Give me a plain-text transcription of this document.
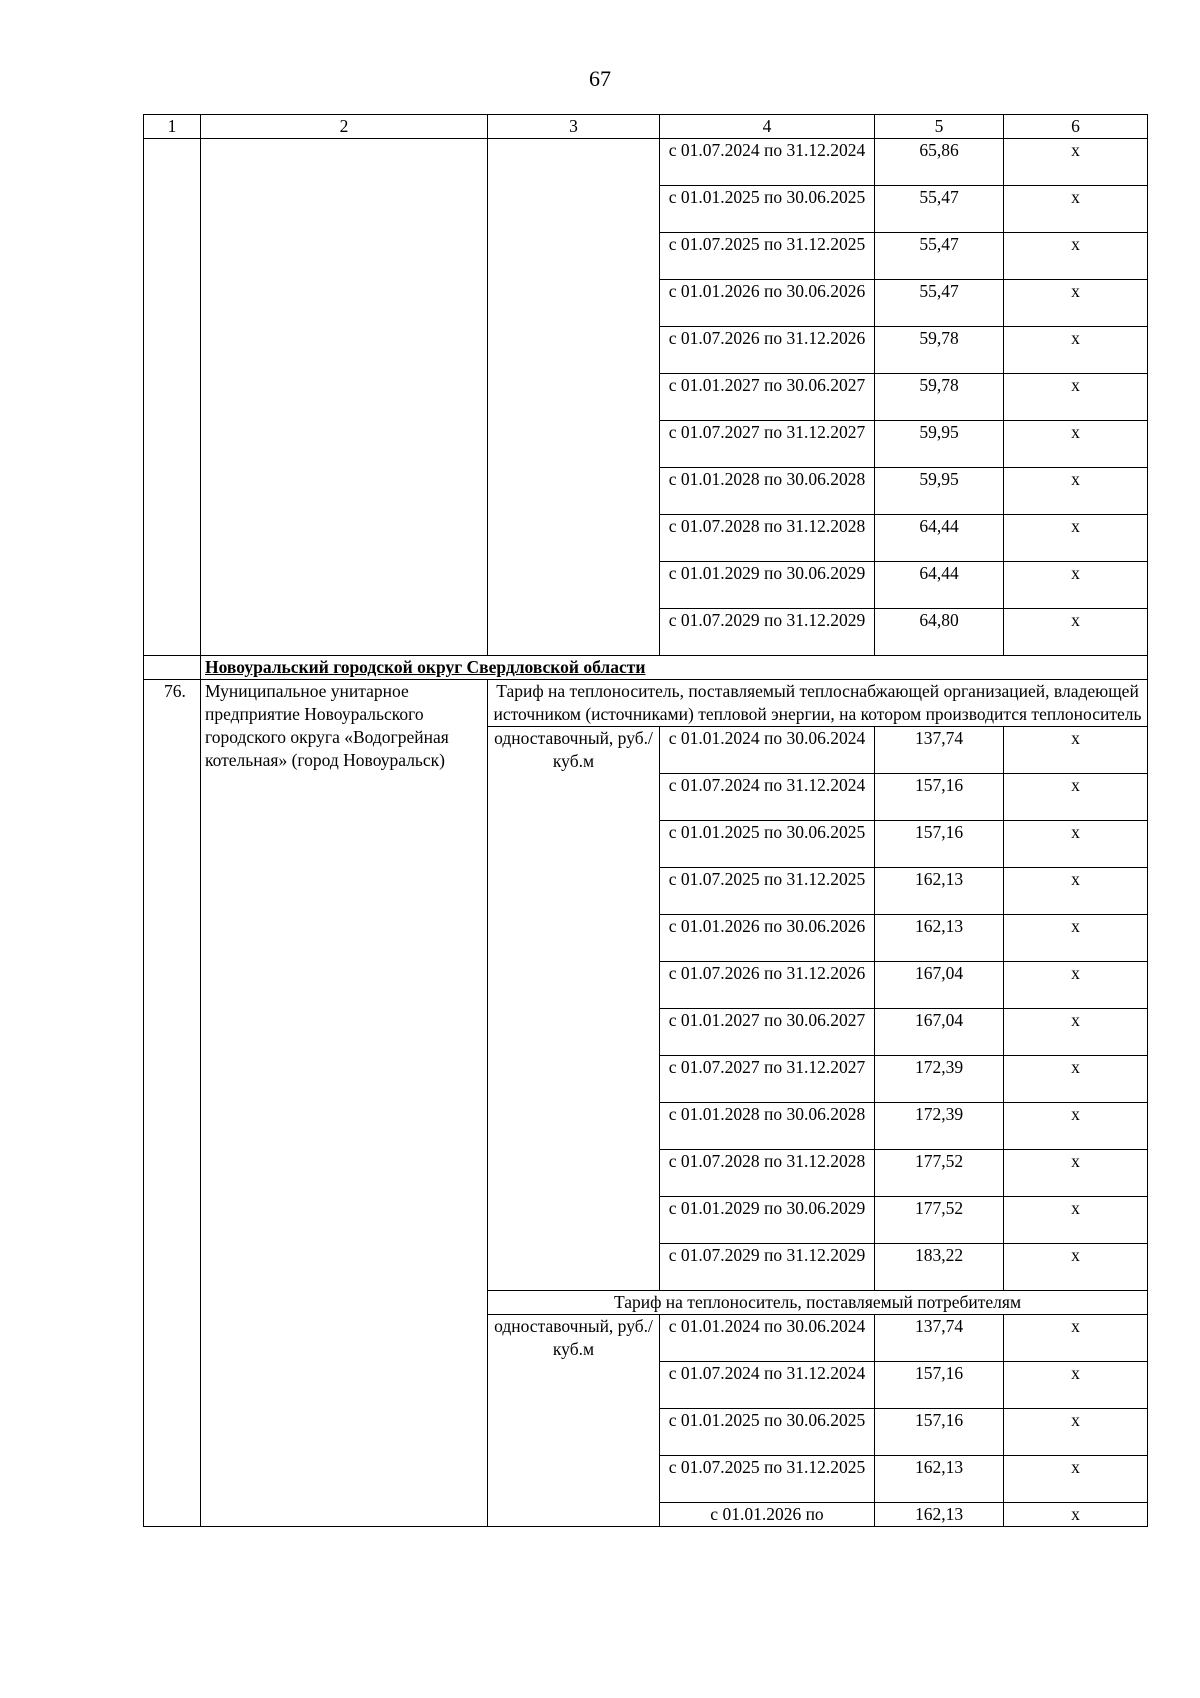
67
1	2	3	4	5	6
			с 01.07.2024 по 31.12.2024	65,86	х
			с 01.01.2025 по 30.06.2025	55,47	х
			с 01.07.2025 по 31.12.2025	55,47	х
			с 01.01.2026 по 30.06.2026	55,47	х
			с 01.07.2026 по 31.12.2026	59,78	х
			с 01.01.2027 по 30.06.2027	59,78	х
			с 01.07.2027 по 31.12.2027	59,95	х
			с 01.01.2028 по 30.06.2028	59,95	х
			с 01.07.2028 по 31.12.2028	64,44	х
			с 01.01.2029 по 30.06.2029	64,44	х
			с 01.07.2029 по 31.12.2029	64,80	х
	Новоуральский городской округ Свердловской области				
76.	Муниципальное унитарное предприятие Новоуральского городского округа «Водогрейная котельная» (город Новоуральск)	Тариф на теплоноситель, поставляемый теплоснабжающей организацией, владеющей источником (источниками) тепловой энергии, на котором производится теплоноситель			
		одноставочный, руб./куб.м	с 01.01.2024 по 30.06.2024	137,74	х
			с 01.07.2024 по 31.12.2024	157,16	х
			с 01.01.2025 по 30.06.2025	157,16	х
			с 01.07.2025 по 31.12.2025	162,13	х
			с 01.01.2026 по 30.06.2026	162,13	х
			с 01.07.2026 по 31.12.2026	167,04	х
			с 01.01.2027 по 30.06.2027	167,04	х
			с 01.07.2027 по 31.12.2027	172,39	х
			с 01.01.2028 по 30.06.2028	172,39	х
			с 01.07.2028 по 31.12.2028	177,52	х
			с 01.01.2029 по 30.06.2029	177,52	х
			с 01.07.2029 по 31.12.2029	183,22	х
		Тариф на теплоноситель, поставляемый потребителям			
		одноставочный, руб./куб.м	с 01.01.2024 по 30.06.2024	137,74	х
			с 01.07.2024 по 31.12.2024	157,16	х
			с 01.01.2025 по 30.06.2025	157,16	х
			с 01.07.2025 по 31.12.2025	162,13	х
			с 01.01.2026 по	162,13	х
